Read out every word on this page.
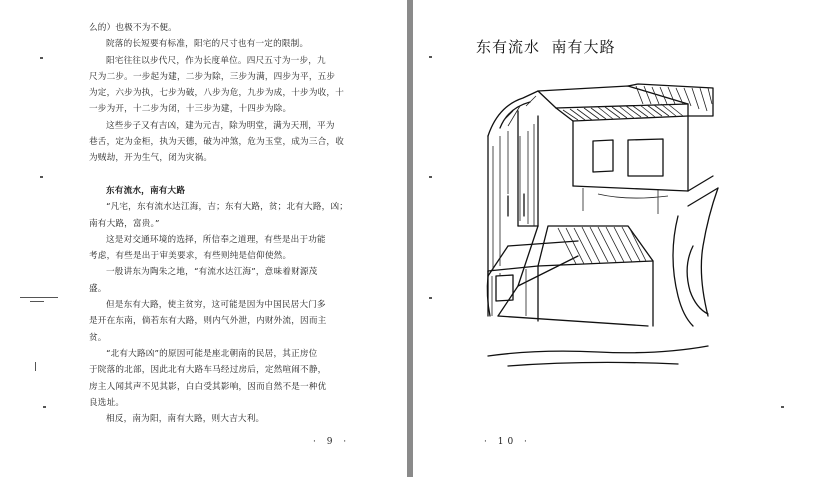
么的）也极不为不便。
院落的长短要有标准，阳宅的尺寸也有一定的限制。
阳宅往往以步代尺，作为长度单位。四尺五寸为一步，九
尺为二步。一步起为建，二步为除，三步为满，四步为平，五步
为定，六步为执，七步为破，八步为危，九步为成，十步为收，十
一步为开，十二步为闭，十三步为建，十四步为除。
这些步子又有吉凶，建为元吉，除为明堂，满为天刑，平为
巷舌，定为金柜，执为天德，破为冲煞，危为玉堂，成为三合，收
为贼劫，开为生气，闭为灾祸。
东有流水，南有大路
“凡宅，东有流水达江海，吉；东有大路，贫；北有大路，凶；
南有大路，富贵。”
这是对交通环境的选择，所信奉之道理，有些是出于功能
考虑，有些是出于审美要求，有些则纯是信仰使然。
一般讲东为陶朱之地，“有流水达江海”，意味着财源茂
盛。
但是东有大路，使主贫穷，这可能是因为中国民居大门多
是开在东南，倘若东有大路，则内气外泄，内财外流，因而主
贫。
“北有大路凶”的原因可能是座北朝南的民居，其正房位
于院落的北部，因此北有大路车马经过房后，定然喧闹不静，
房主人闻其声不见其影，白白受其影响，因而自然不是一种优
良选址。
相反，南为阳，南有大路，则大吉大利。
· 9 ·
东有流水  南有大路
· 10 ·
